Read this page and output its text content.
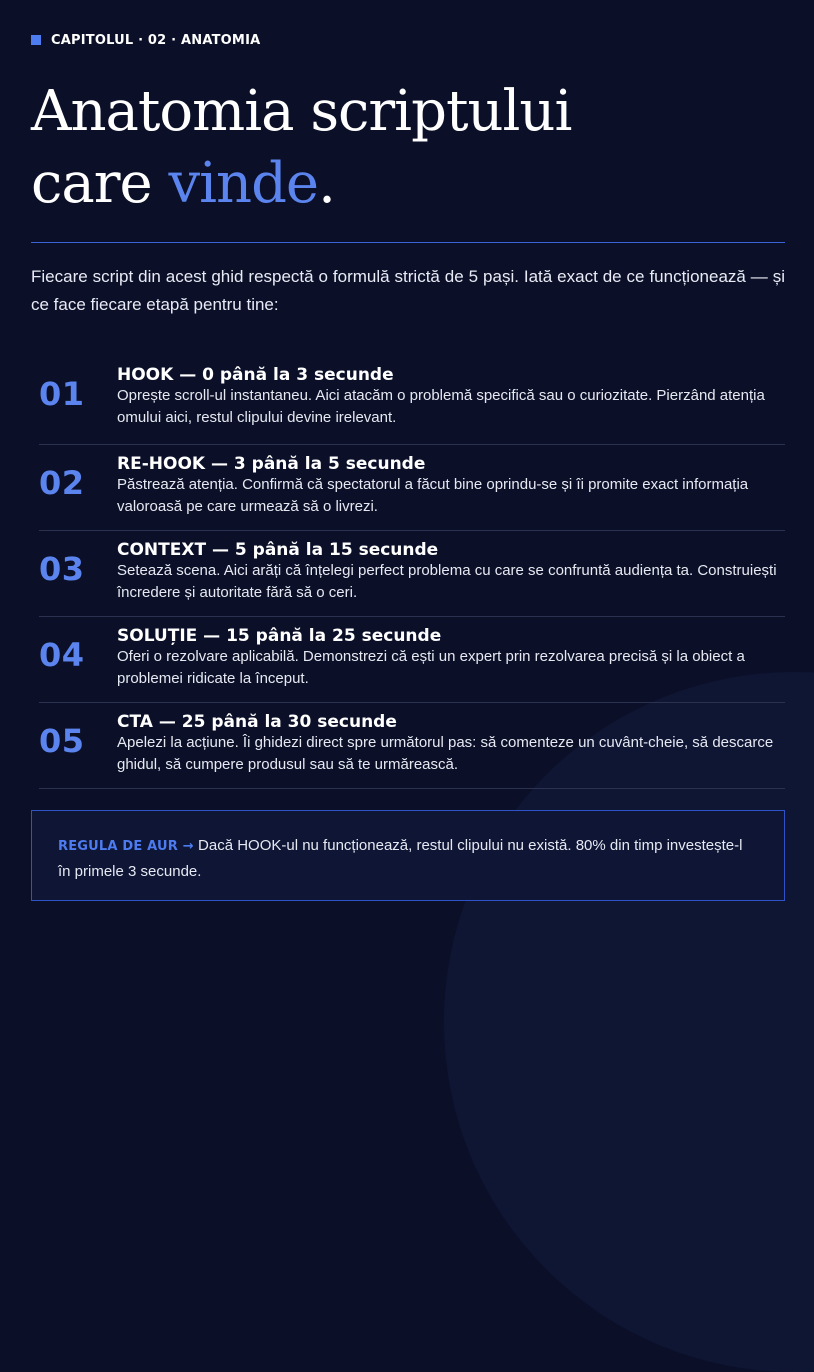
CAPITOLUL · 02 · ANATOMIA
Anatomia scriptului
care vinde.

Fiecare script din acest ghid respectă o formulă strictă de 5 pași. Iată exact de ce funcționează — și ce face fiecare etapă pentru tine:

01	HOOK — 0 până la 3 secunde
Oprește scroll-ul instantaneu. Aici atacăm o problemă specifică sau o curiozitate. Pierzând atenția omului aici, restul clipului devine irelevant.
02	RE-HOOK — 3 până la 5 secunde
Păstrează atenția. Confirmă că spectatorul a făcut bine oprindu-se și îi promite exact informația valoroasă pe care urmează să o livrezi.
03	CONTEXT — 5 până la 15 secunde
Setează scena. Aici arăți că înțelegi perfect problema cu care se confruntă audiența ta. Construiești încredere și autoritate fără să o ceri.
04	SOLUȚIE — 15 până la 25 secunde
Oferi o rezolvare aplicabilă. Demonstrezi că ești un expert prin rezolvarea precisă și la obiect a problemei ridicate la început.
05	CTA — 25 până la 30 secunde
Apelezi la acțiune. Îi ghidezi direct spre următorul pas: să comenteze un cuvânt-cheie, să descarce ghidul, să cumpere produsul sau să te urmărească.
REGULA DE AUR → Dacă HOOK-ul nu funcționează, restul clipului nu există. 80% din timp investește-l în primele 3 secunde.
